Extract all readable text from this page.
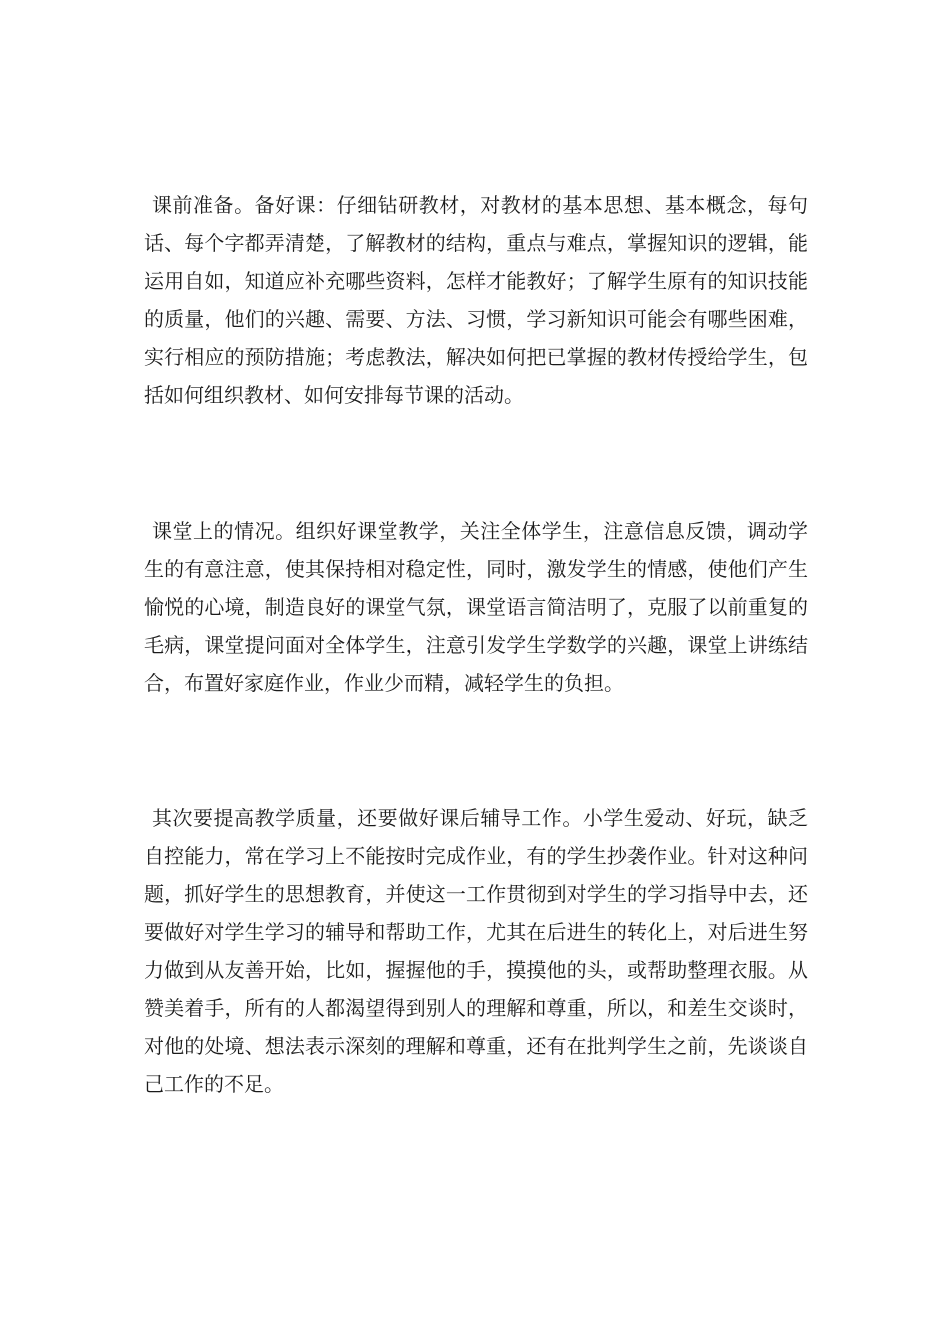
课前准备。备好课：仔细钻研教材，对教材的基本思想、基本概念，每句话、每个字都弄清楚，了解教材的结构，重点与难点，掌握知识的逻辑，能运用自如，知道应补充哪些资料，怎样才能教好；了解学生原有的知识技能的质量，他们的兴趣、需要、方法、习惯，学习新知识可能会有哪些困难，实行相应的预防措施；考虑教法，解决如何把已掌握的教材传授给学生，包括如何组织教材、如何安排每节课的活动。

课堂上的情况。组织好课堂教学，关注全体学生，注意信息反馈，调动学生的有意注意，使其保持相对稳定性，同时，激发学生的情感，使他们产生愉悦的心境，制造良好的课堂气氛，课堂语言简洁明了，克服了以前重复的毛病，课堂提问面对全体学生，注意引发学生学数学的兴趣，课堂上讲练结合，布置好家庭作业，作业少而精，减轻学生的负担。

其次要提高教学质量，还要做好课后辅导工作。小学生爱动、好玩，缺乏自控能力，常在学习上不能按时完成作业，有的学生抄袭作业。针对这种问题，抓好学生的思想教育，并使这一工作贯彻到对学生的学习指导中去，还要做好对学生学习的辅导和帮助工作，尤其在后进生的转化上，对后进生努力做到从友善开始，比如，握握他的手，摸摸他的头，或帮助整理衣服。从赞美着手，所有的人都渴望得到别人的理解和尊重，所以，和差生交谈时，对他的处境、想法表示深刻的理解和尊重，还有在批判学生之前，先谈谈自己工作的不足。
